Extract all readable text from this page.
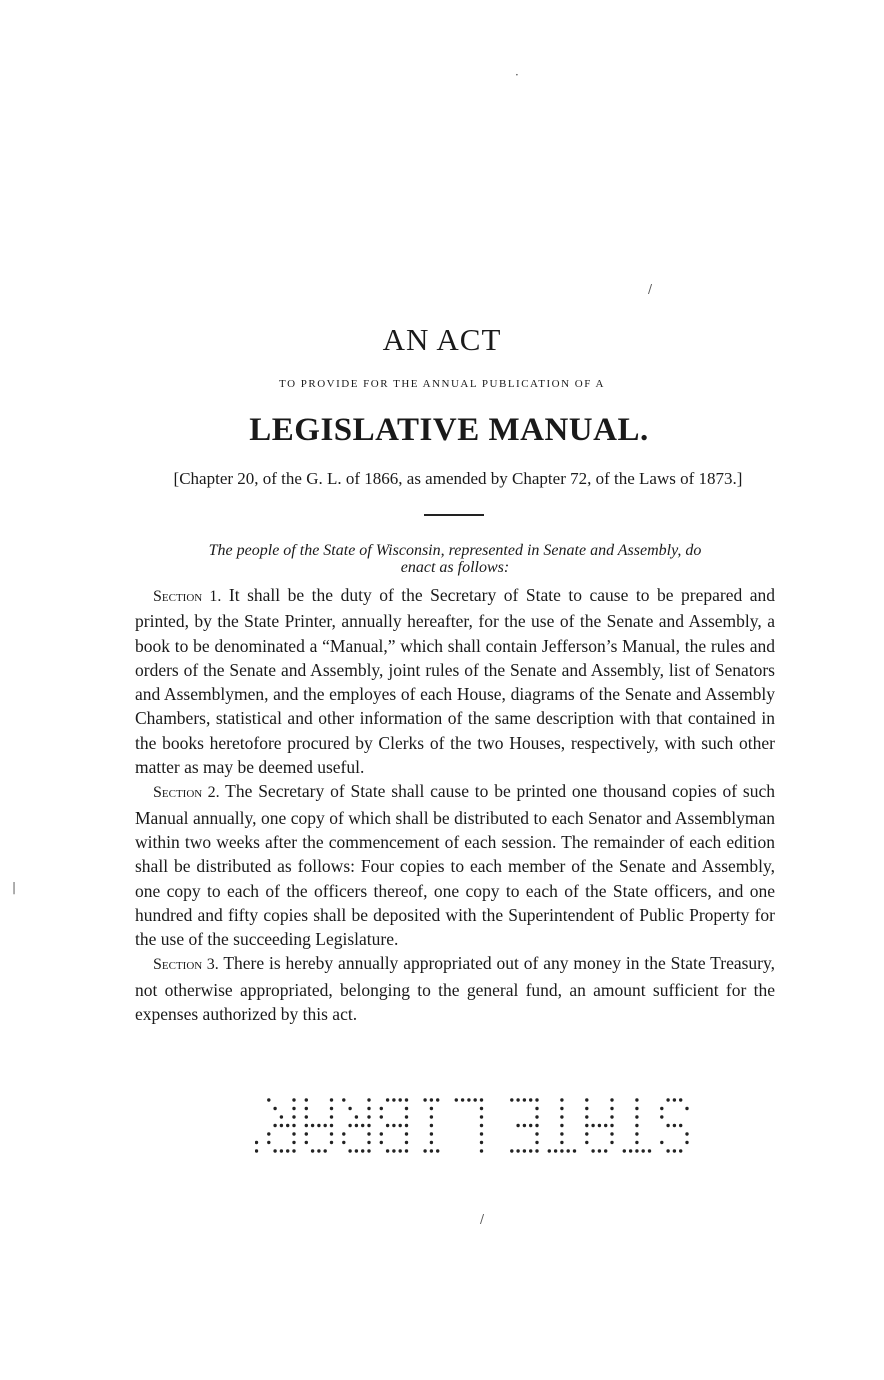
AN ACT
TO PROVIDE FOR THE ANNUAL PUBLICATION OF A
LEGISLATIVE MANUAL.
[Chapter 20, of the G. L. of 1866, as amended by Chapter 72, of the Laws of 1873.]
The people of the State of Wisconsin, represented in Senate and Assembly, do
enact as follows:

Section 1. It shall be the duty of the Secretary of State to cause to be prepared and printed, by the State Printer, annually hereafter, for the use of the Senate and Assembly, a book to be denominated a “Manual,” which shall contain Jefferson’s Manual, the rules and orders of the Senate and Assembly, joint rules of the Senate and Assembly, list of Senators and Assemblymen, and the employes of each House, diagrams of the Senate and Assembly Chambers, statistical and other information of the same description with that contained in the books heretofore procured by Clerks of the two Houses, respectively, with such other matter as may be deemed useful.

Section 2. The Secretary of State shall cause to be printed one thousand copies of such Manual annually, one copy of which shall be distributed to each Senator and Assemblyman within two weeks after the commencement of each session. The remainder of each edition shall be distributed as follows: Four copies to each member of the Senate and Assembly, one copy to each of the officers thereof, one copy to each of the State officers, and one hundred and fifty copies shall be deposited with the Superintendent of Public Property for the use of the succeeding Legislature.

Section 3. There is hereby annually appropriated out of any money in the State Treasury, not otherwise appropriated, belonging to the general fund, an amount sufficient for the expenses authorized by this act.

·
/
/
|
